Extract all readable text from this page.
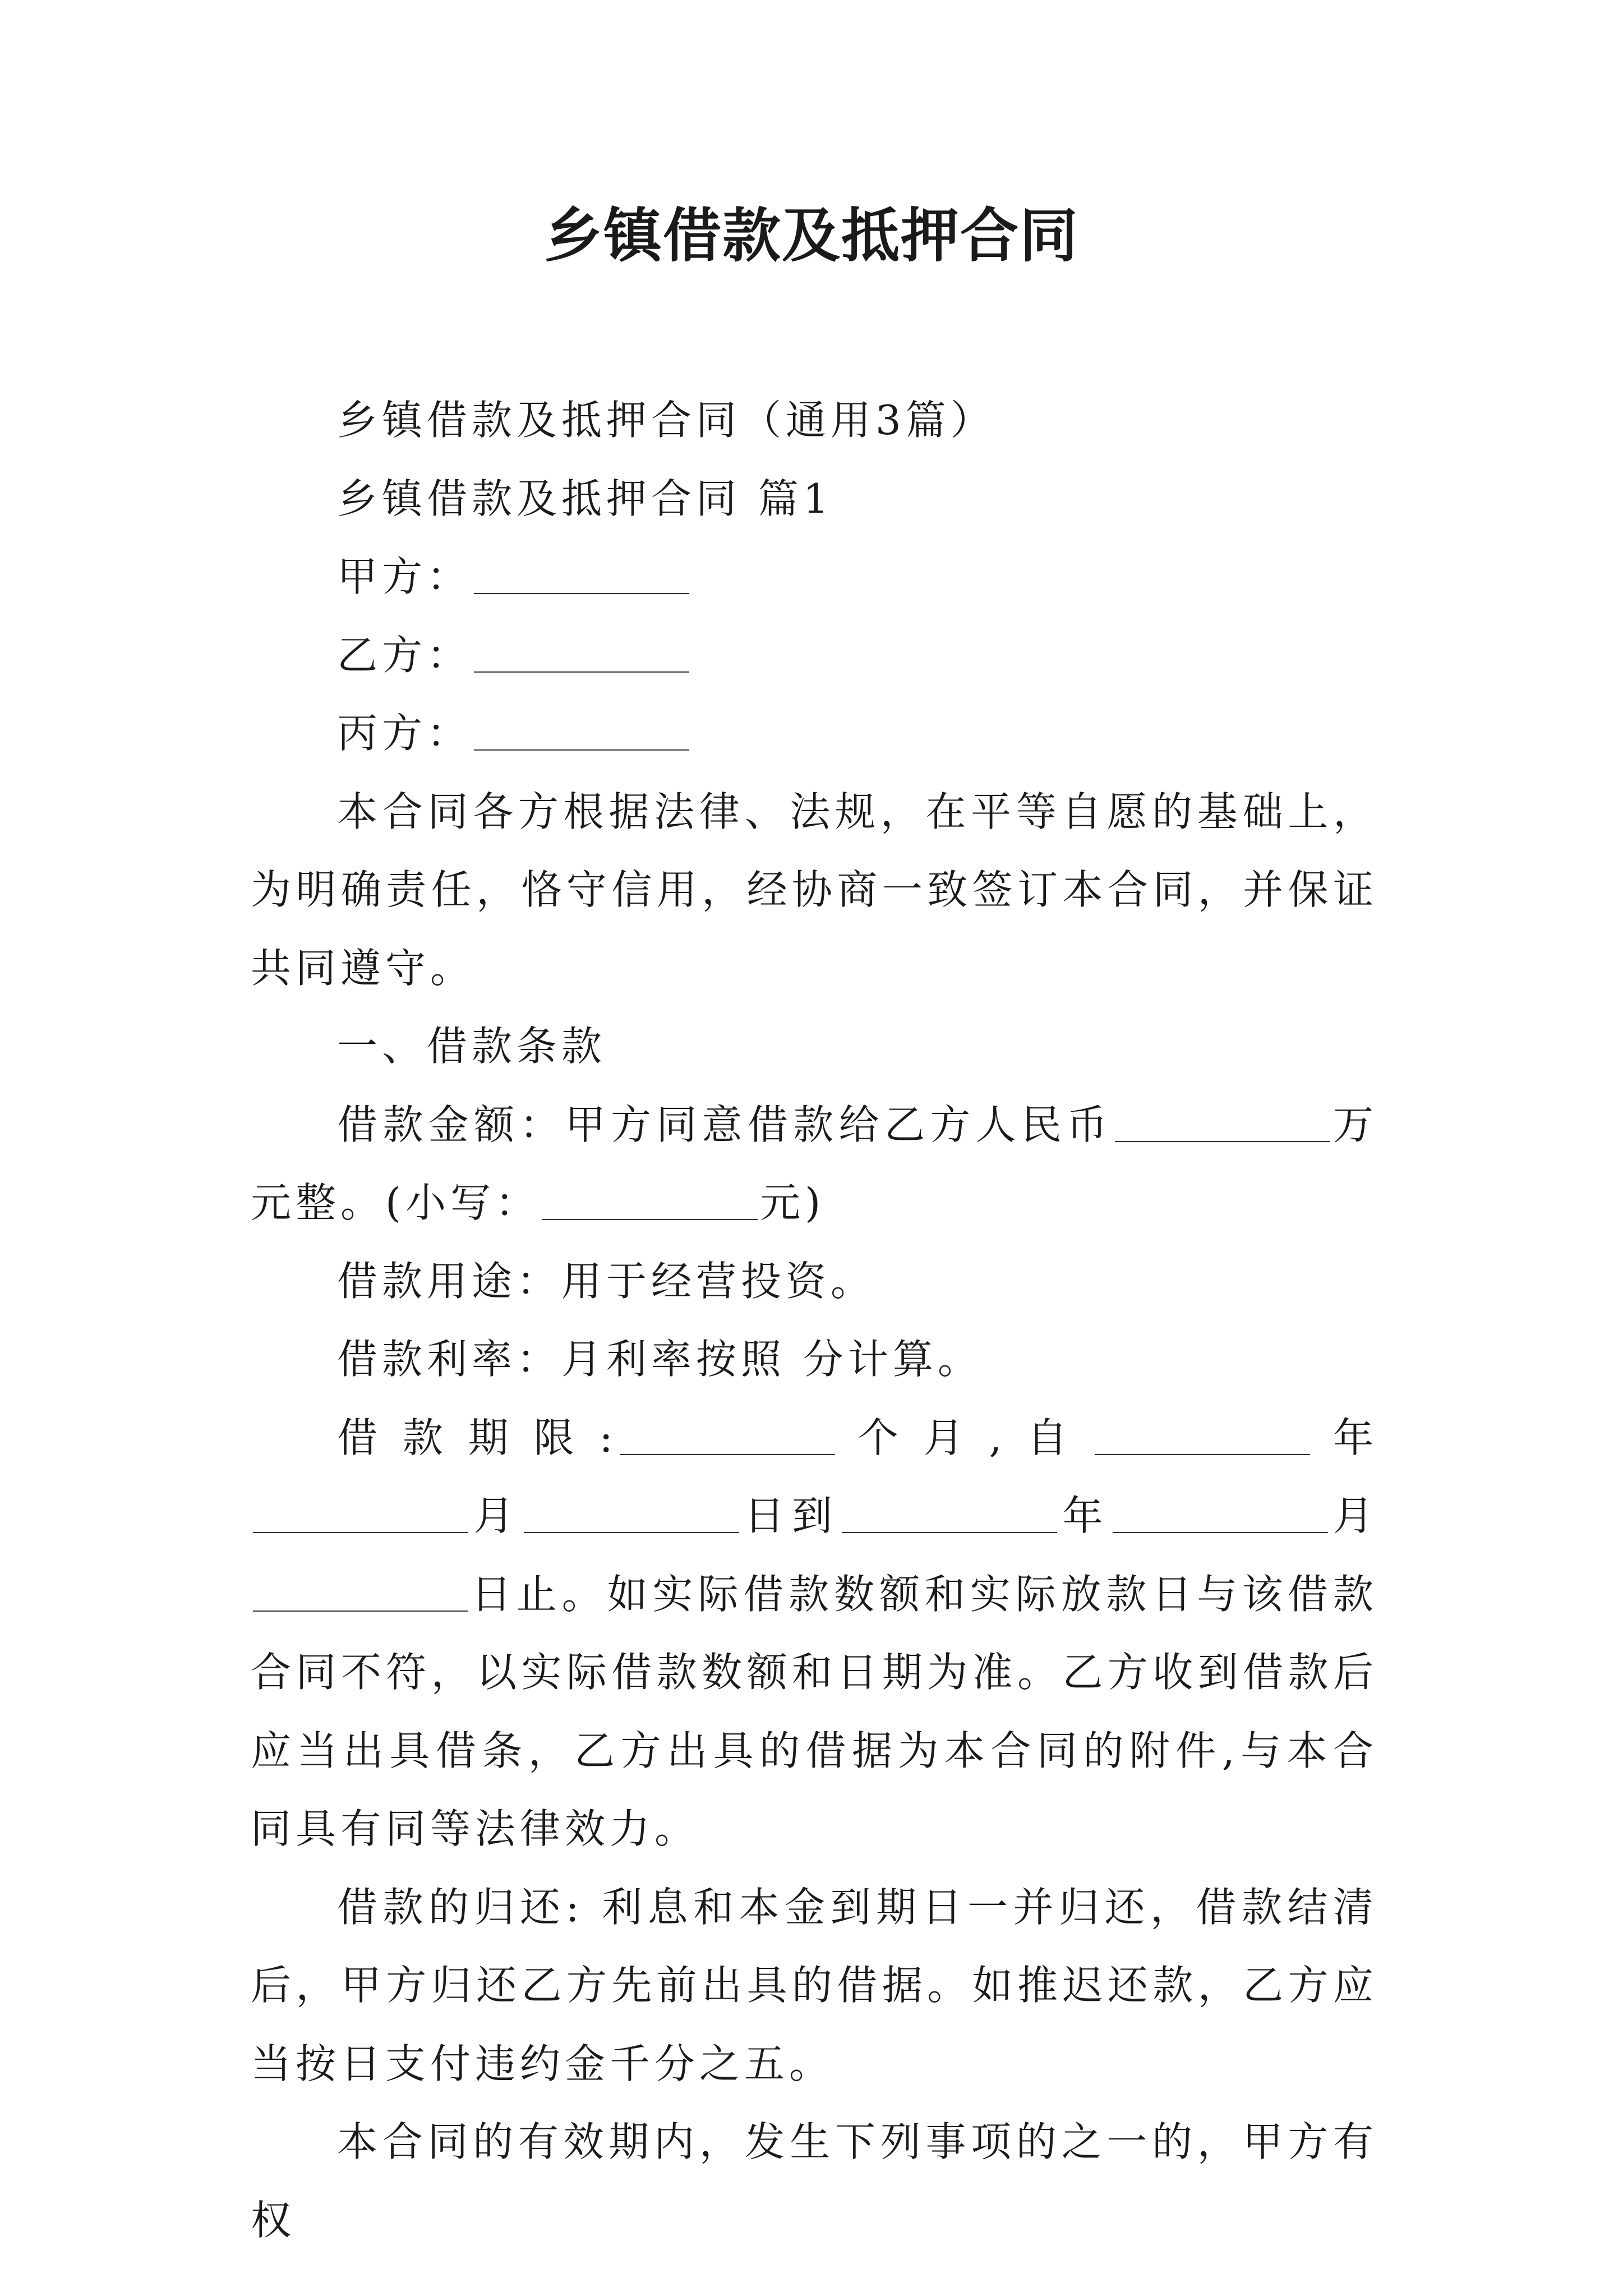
乡镇借款及抵押合同

乡镇借款及抵押合同（通用3篇）

乡镇借款及抵押合同 篇1

甲方：

乙方：

丙方：

本合同各方根据法律、法规，在平等自愿的基础上，为明确责任，恪守信用，经协商一致签订本合同，并保证共同遵守。

一、借款条款

借款金额：甲方同意借款给乙方人民币	万元整。(小写：	元)

借款用途：用于经营投资。

借款利率：月利率按照 分计算。

借款期限:	个月,自	年月	日到	年	月日止。如实际借款数额和实际放款日与该借款合同不符，以实际借款数额和日期为准。乙方收到借款后应当出具借条，乙方出具的借据为本合同的附件,与本合同具有同等法律效力。

借款的归还: 利息和本金到期日一并归还，借款结清后，甲方归还乙方先前出具的借据。如推迟还款，乙方应当按日支付违约金千分之五。

本合同的有效期内，发生下列事项的之一的，甲方有权
